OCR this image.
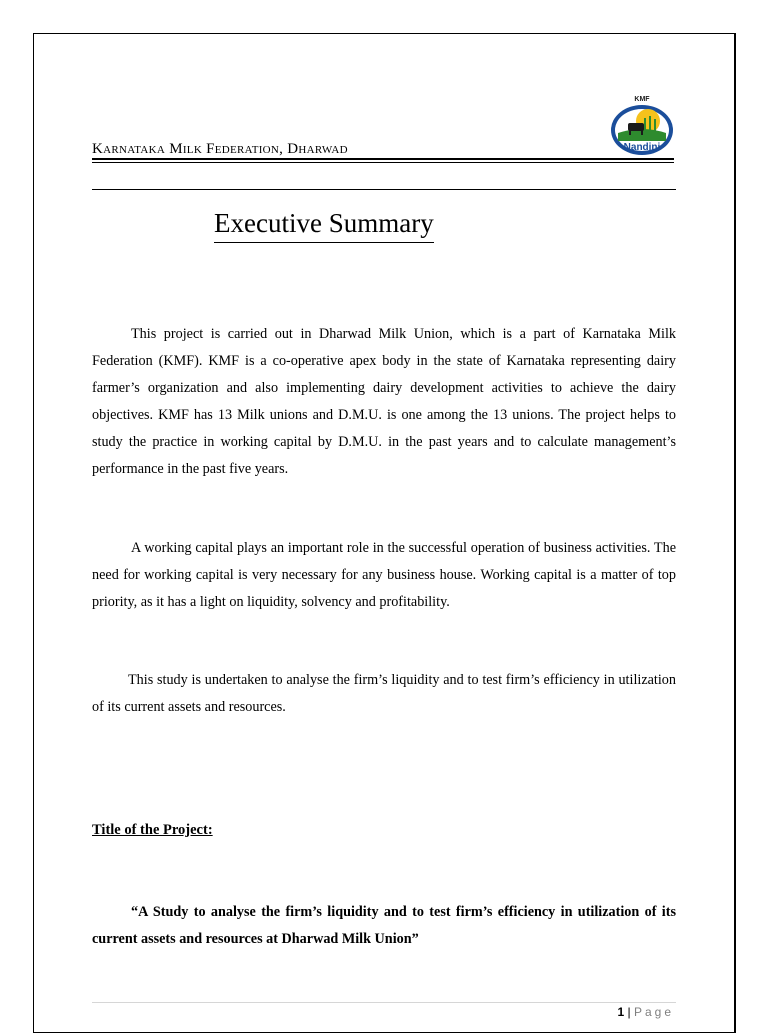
Karnataka Milk Federation, Dharwad
KMF
Nandini
Executive Summary

This project is carried out in Dharwad Milk Union, which is a part of Karnataka Milk Federation (KMF). KMF is a co-operative apex body in the state of Karnataka representing dairy farmer’s organization and also implementing dairy development activities to achieve the dairy objectives. KMF has 13 Milk unions and D.M.U. is one among the 13 unions. The project helps to study the practice in working capital by D.M.U. in the past years and to calculate management’s performance in the past five years.

A working capital plays an important role in the successful operation of business activities. The need for working capital is very necessary for any business house. Working capital is a matter of top priority, as it has a light on liquidity, solvency and profitability.

This study is undertaken to analyse the firm’s liquidity and to test firm’s efficiency in utilization of its current assets and resources.

Title of the Project:

“A Study to analyse the firm’s liquidity and to test firm’s efficiency in utilization of its current assets and resources at Dharwad Milk Union”

1 | Page
